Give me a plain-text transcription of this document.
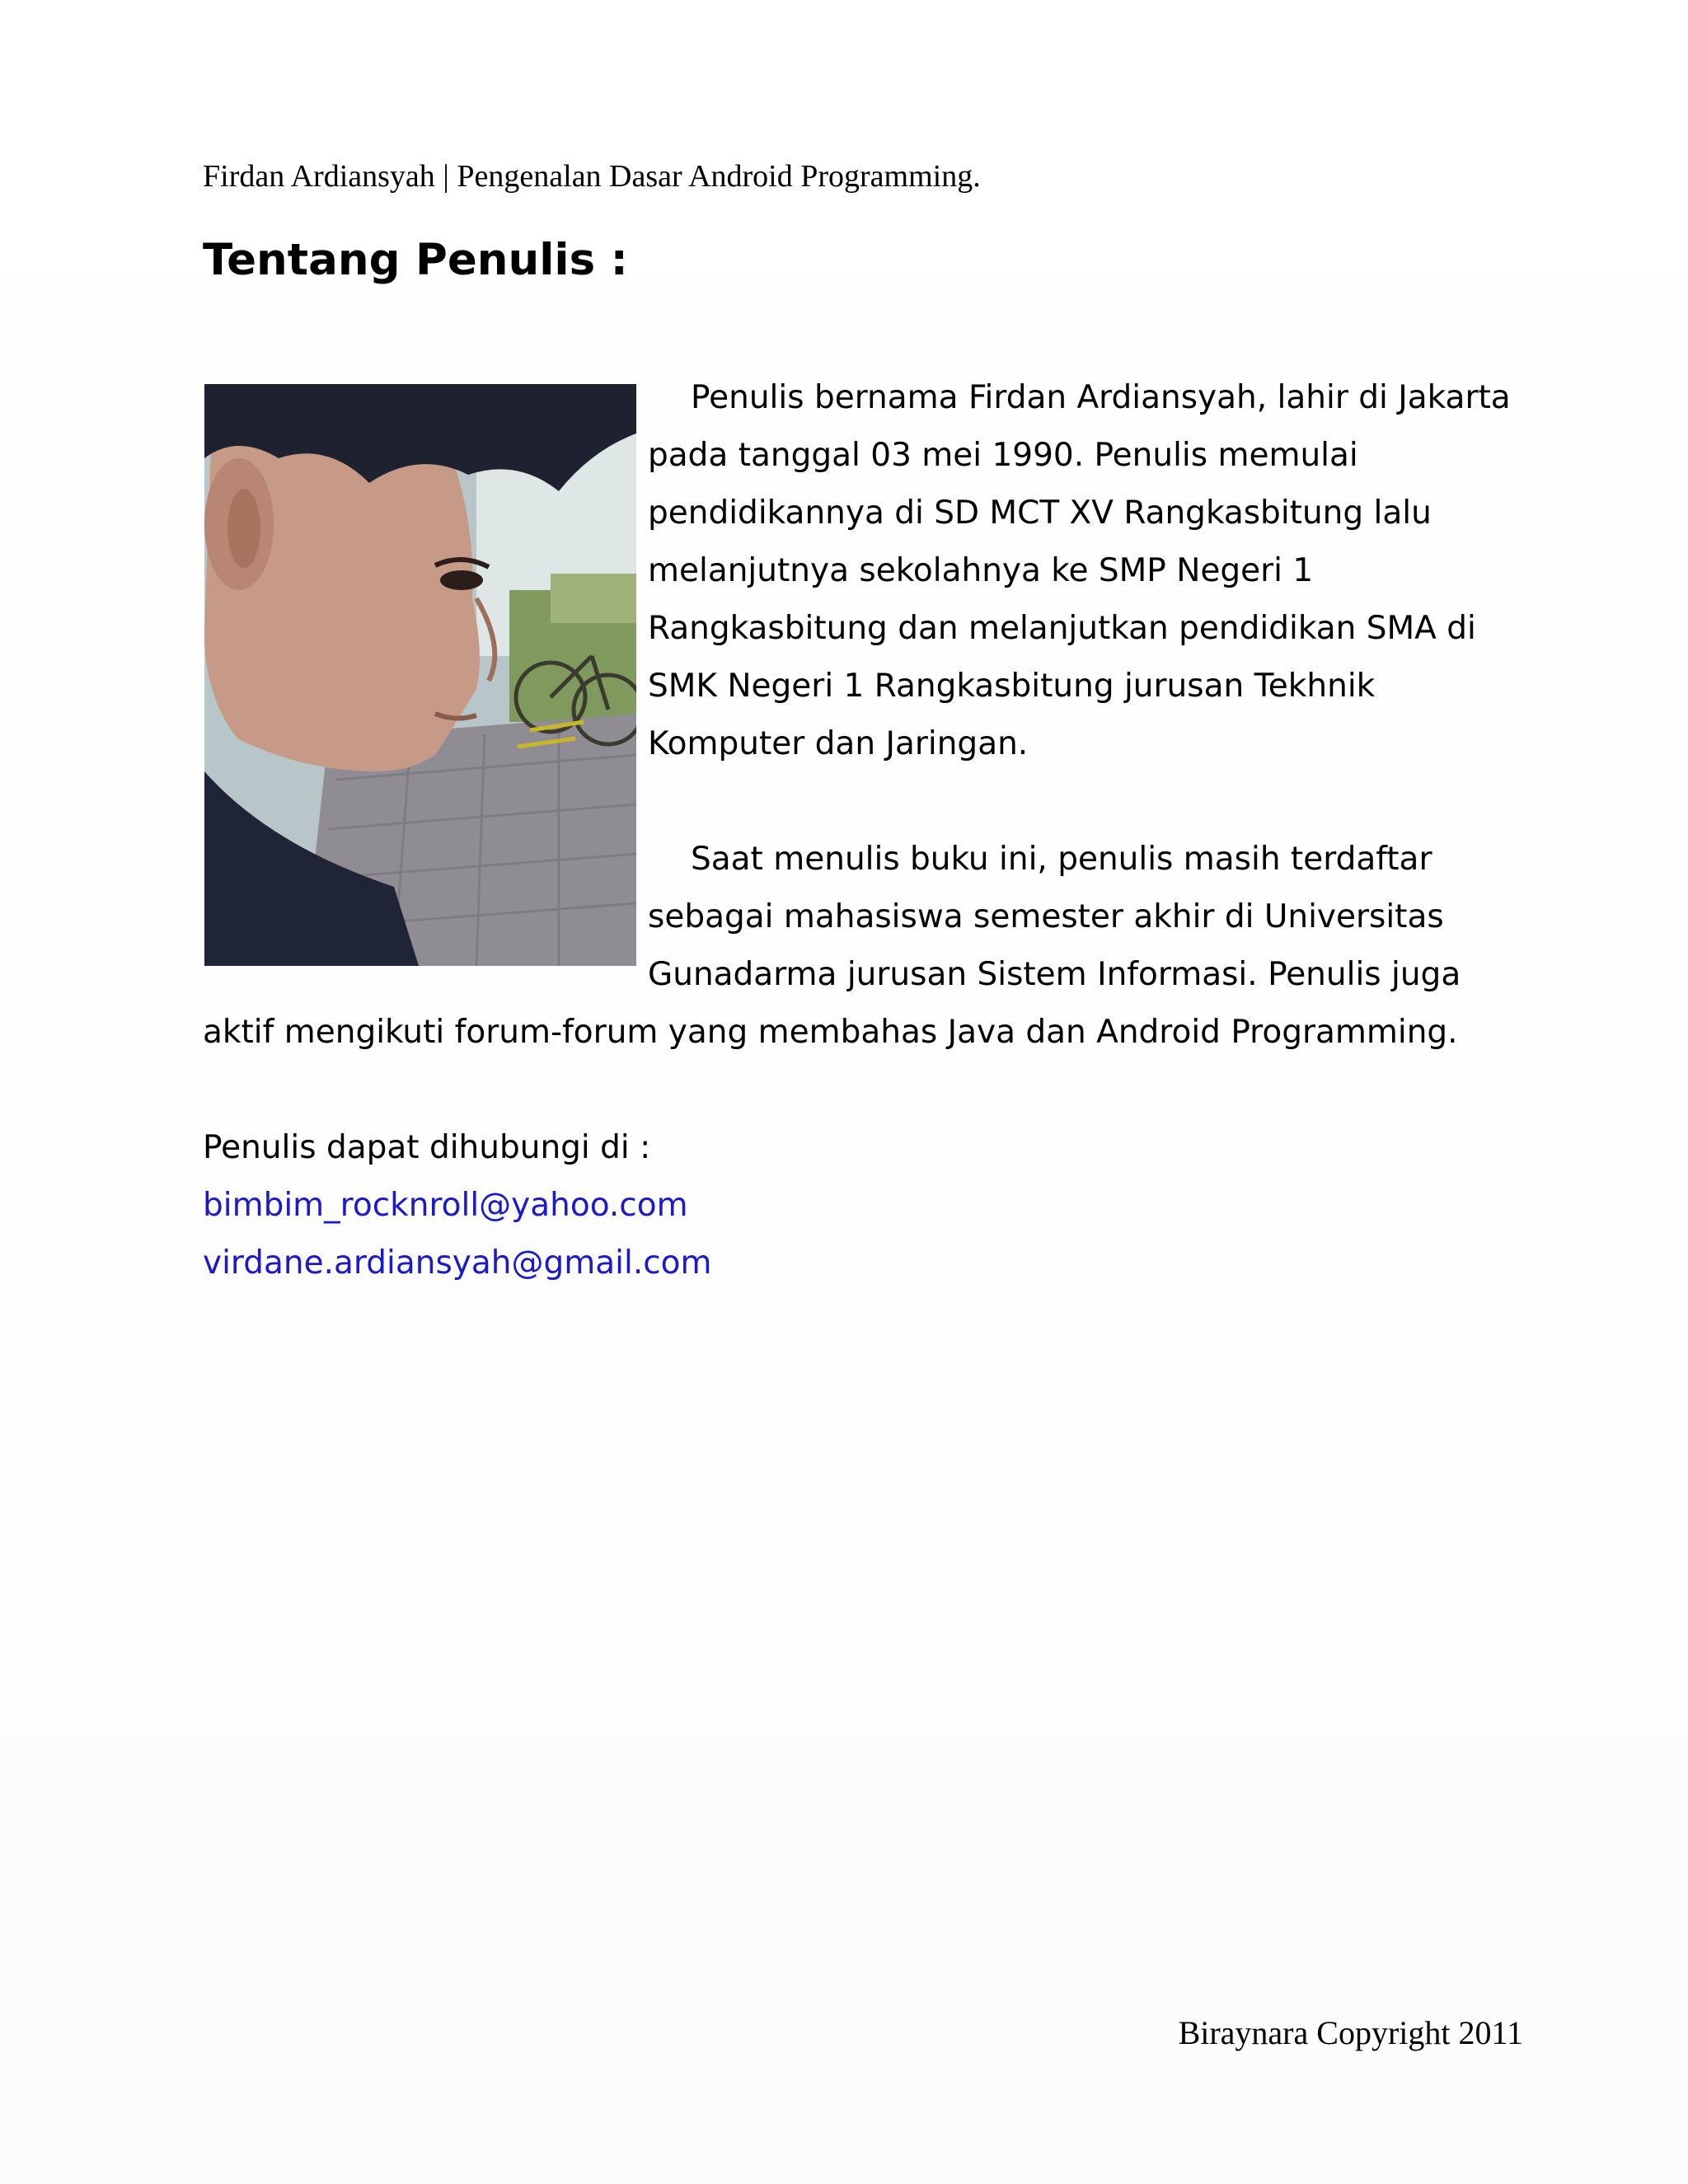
Firdan Ardiansyah | Pengenalan Dasar Android Programming.
Tentang Penulis :
Penulis bernama Firdan Ardiansyah, lahir di Jakarta
pada tanggal 03 mei 1990. Penulis memulai
pendidikannya di SD MCT XV Rangkasbitung lalu
melanjutnya sekolahnya ke SMP Negeri 1
Rangkasbitung dan melanjutkan pendidikan SMA di
SMK Negeri 1 Rangkasbitung jurusan Tekhnik
Komputer dan Jaringan.
Saat menulis buku ini, penulis masih terdaftar
sebagai mahasiswa semester akhir di Universitas
Gunadarma jurusan Sistem Informasi. Penulis juga
aktif mengikuti forum-forum yang membahas Java dan Android Programming.
Penulis dapat dihubungi di :
bimbim_rocknroll@yahoo.com
virdane.ardiansyah@gmail.com
Biraynara Copyright 2011
